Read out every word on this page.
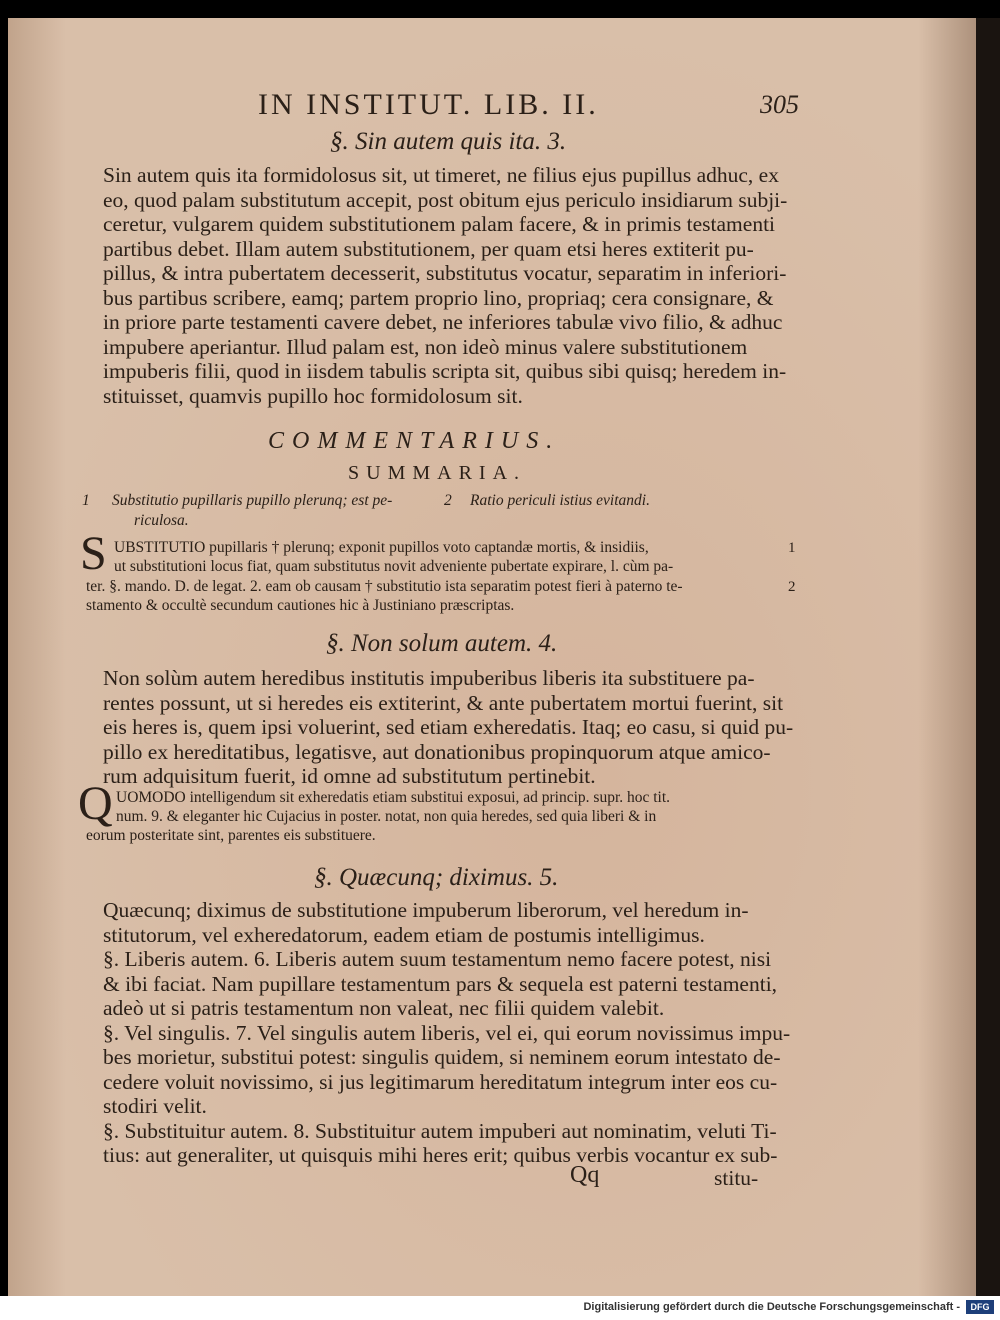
IN INSTITUT. LIB. II.	305
§. Sin autem quis ita. 3.
Sin autem quis ita formidolosus sit, ut timeret, ne filius ejus pupillus adhuc, ex
eo, quod palam substitutum accepit, post obitum ejus periculo insidiarum subji-
ceretur, vulgarem quidem substitutionem palam facere, & in primis testamenti
partibus debet. Illam autem substitutionem, per quam etsi heres extiterit pu-
pillus, & intra pubertatem decesserit, substitutus vocatur, separatim in inferiori-
bus partibus scribere, eamq; partem proprio lino, propriaq; cera consignare, &
in priore parte testamenti cavere debet, ne inferiores tabulæ vivo filio, & adhuc
impubere aperiantur. Illud palam est, non ideò minus valere substitutionem
impuberis filii, quod in iisdem tabulis scripta sit, quibus sibi quisq; heredem in-
stituisset, quamvis pupillo hoc formidolosum sit.
COMMENTARIUS.
SUMMARIA.
1 Substitutio pupillaris pupillo plerunq; est pe-
riculosa.
2 Ratio periculi istius evitandi.
S UBSTITUTIO pupillaris † plerunq; exponit pupillos voto captandæ mortis, & insidiis,
ut substitutioni locus fiat, quam substitutus novit adveniente pubertate expirare, l. cùm pa-
ter. §. mando. D. de legat. 2. eam ob causam † substitutio ista separatim potest fieri à paterno te-
stamento & occultè secundum cautiones hic à Justiniano præscriptas.
1
2
§. Non solum autem. 4.
Non solùm autem heredibus institutis impuberibus liberis ita substituere pa-
rentes possunt, ut si heredes eis extiterint, & ante pubertatem mortui fuerint, sit
eis heres is, quem ipsi voluerint, sed etiam exheredatis. Itaq; eo casu, si quid pu-
pillo ex hereditatibus, legatisve, aut donationibus propinquorum atque amico-
rum adquisitum fuerit, id omne ad substitutum pertinebit.
Q UOMODO intelligendum sit exheredatis etiam substitui exposui, ad princip. supr. hoc tit.
num. 9. & eleganter hic Cujacius in poster. notat, non quia heredes, sed quia liberi & in
eorum posteritate sint, parentes eis substituere.
§. Quæcunq; diximus. 5.
Quæcunq; diximus de substitutione impuberum liberorum, vel heredum in-
stitutorum, vel exheredatorum, eadem etiam de postumis intelligimus.
§. Liberis autem. 6. Liberis autem suum testamentum nemo facere potest, nisi
& ibi faciat. Nam pupillare testamentum pars & sequela est paterni testamenti,
adeò ut si patris testamentum non valeat, nec filii quidem valebit.
§. Vel singulis. 7. Vel singulis autem liberis, vel ei, qui eorum novissimus impu-
bes morietur, substitui potest: singulis quidem, si neminem eorum intestato de-
cedere voluit novissimo, si jus legitimarum hereditatum integrum inter eos cu-
stodiri velit.
§. Substituitur autem. 8. Substituitur autem impuberi aut nominatim, veluti Ti-
tius: aut generaliter, ut quisquis mihi heres erit; quibus verbis vocantur ex sub-
Qq	stitu-
Digitalisierung gefördert durch die Deutsche Forschungsgemeinschaft -	DFG
